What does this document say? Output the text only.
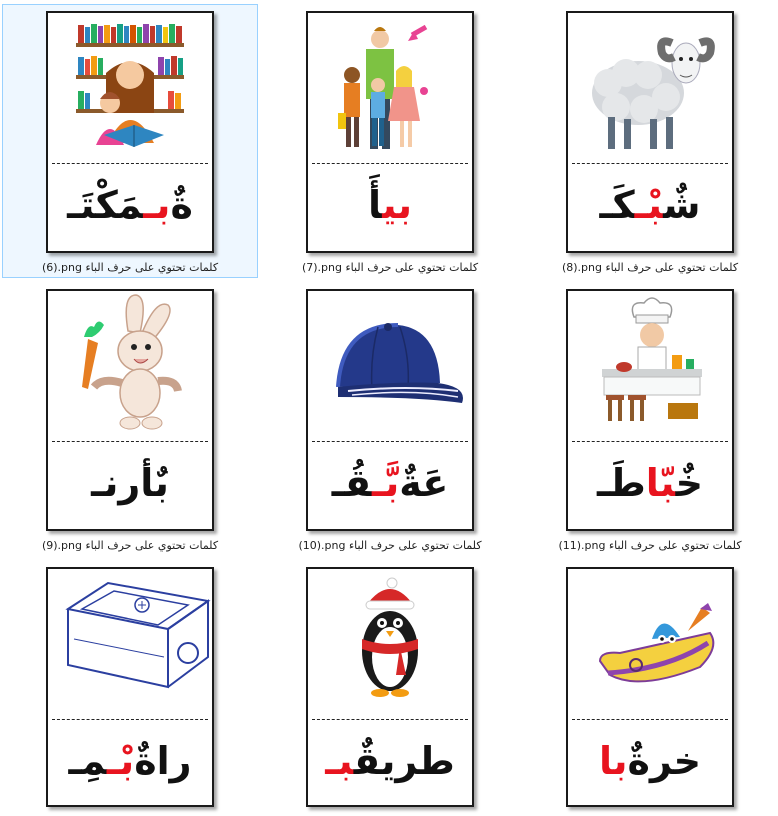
ةٌبـمَكْتَـ
(6).png كلمات تحتوي على حرف الباء
بيأَ
(7).png كلمات تحتوي على حرف الباء
شٌبْـكَـ
(8).png كلمات تحتوي على حرف الباء
بٌأرنـ
(9).png كلمات تحتوي على حرف الباء
عَةٌبَّـقُـ
(10).png كلمات تحتوي على حرف الباء
خٌبّاطَـ
(11).png كلمات تحتوي على حرف الباء
راةٌبْـمِـ	طريقٌبـ	خرةٌبا
